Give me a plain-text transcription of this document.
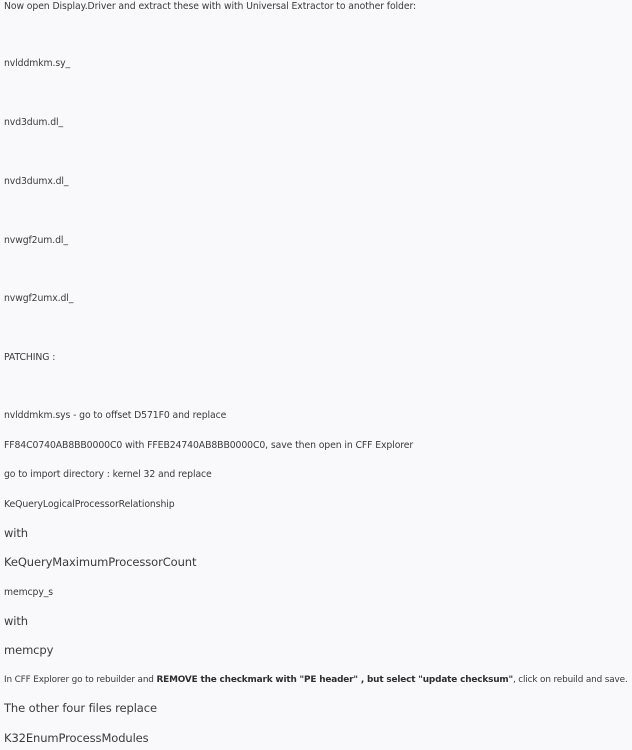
Now open Display.Driver and extract these with with Universal Extractor to another folder:
nvlddmkm.sy_
nvd3dum.dl_
nvd3dumx.dl_
nvwgf2um.dl_
nvwgf2umx.dl_
PATCHING :
nvlddmkm.sys - go to offset D571F0 and replace
FF84C0740AB8BB0000C0 with FFEB24740AB8BB0000C0, save then open in CFF Explorer
go to import directory : kernel 32 and replace
KeQueryLogicalProcessorRelationship
with
KeQueryMaximumProcessorCount
memcpy_s
with
memcpy
In CFF Explorer go to rebuilder and REMOVE the checkmark with "PE header" , but select "update checksum", click on rebuild and save.
The other four files replace
K32EnumProcessModules
